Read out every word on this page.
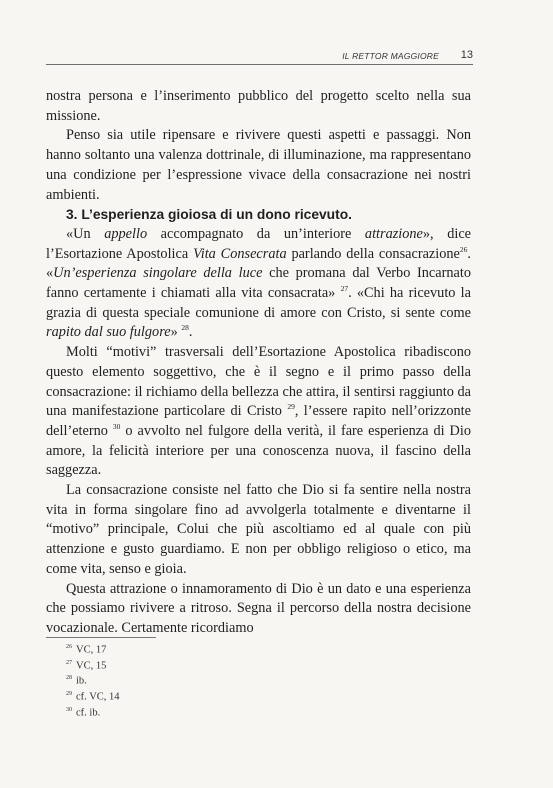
IL RETTOR MAGGIORE 13

nostra persona e l’inserimento pubblico del progetto scelto nella sua missione.

Penso sia utile ripensare e rivivere questi aspetti e passaggi. Non hanno soltanto una valenza dottrinale, di illuminazione, ma rappresentano una condizione per l’espressione vivace della consacrazione nei nostri ambienti.

3. L’esperienza gioiosa di un dono ricevuto.

«Un appello accompagnato da un’interiore attrazione», dice l’Esortazione Apostolica Vita Consecrata parlando della consacrazione$^{26}$. «Un’esperienza singolare della luce che promana dal Verbo Incarnato fanno certamente i chiamati alla vita consacrata» $^{27}$. «Chi ha ricevuto la grazia di questa speciale comunione di amore con Cristo, si sente come rapito dal suo fulgore» $^{28}$.

Molti “motivi” trasversali dell’Esortazione Apostolica ribadiscono questo elemento soggettivo, che è il segno e il primo passo della consacrazione: il richiamo della bellezza che attira, il sentirsi raggiunto da una manifestazione particolare di Cristo $^{29}$, l’essere rapito nell’orizzonte dell’eterno $^{30}$ o avvolto nel fulgore della verità, il fare esperienza di Dio amore, la felicità interiore per una conoscenza nuova, il fascino della saggezza.

La consacrazione consiste nel fatto che Dio si fa sentire nella nostra vita in forma singolare fino ad avvolgerla totalmente e diventarne il “motivo” principale, Colui che più ascoltiamo ed al quale con più attenzione e gusto guardiamo. E non per obbligo religioso o etico, ma come vita, senso e gioia.

Questa attrazione o innamoramento di Dio è un dato e una esperienza che possiamo rivivere a ritroso. Segna il percorso della nostra decisione vocazionale. Certamente ricordiamo

$^{26}$ VC, 17
$^{27}$ VC, 15
$^{28}$ ib.
$^{29}$ cf. VC, 14
$^{30}$ cf. ib.
